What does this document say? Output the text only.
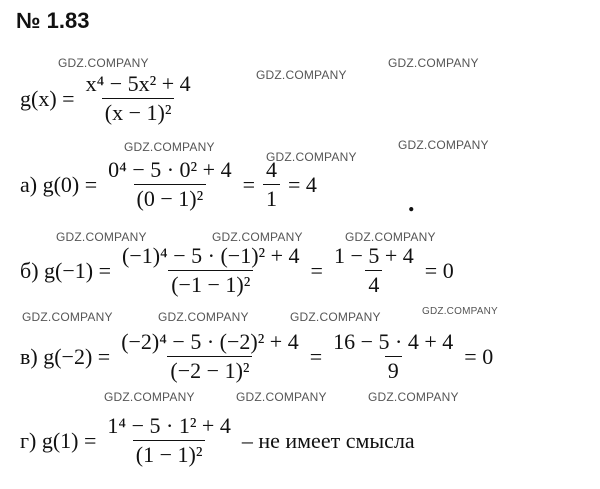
№ 1.83
GDZ.COMPANY
GDZ.COMPANY
GDZ.COMPANY
GDZ.COMPANY
GDZ.COMPANY
GDZ.COMPANY
GDZ.COMPANY	GDZ.COMPANY	GDZ.COMPANY
GDZ.COMPANY	GDZ.COMPANY	GDZ.COMPANY	GDZ.COMPANY
GDZ.COMPANY	GDZ.COMPANY	GDZ.COMPANY
$g(x) = \frac{\text{x⁴ − 5x² + 4}}{\text{(x − 1)²}}$
а) $g(0) = \frac{\text{0⁴ − 5 · 0² + 4}}{\text{(0 − 1)²}} = \frac{4}{1} = 4$
.
б) $g(-1) = \frac{\text{(−1)⁴ − 5 · (−1)² + 4}}{\text{(−1 − 1)²}} = \frac{1 - 5 + 4}{4} = 0$
в) $g(-2) = \frac{\text{(−2)⁴ − 5 · (−2)² + 4}}{\text{(−2 − 1)²}} = \frac{16 - 5 \cdot 4 + 4}{9} = 0$
г) $g(1) = \frac{\text{1⁴ − 5 · 1² + 4}}{\text{(1 − 1)²}}$ – не имеет смысла
